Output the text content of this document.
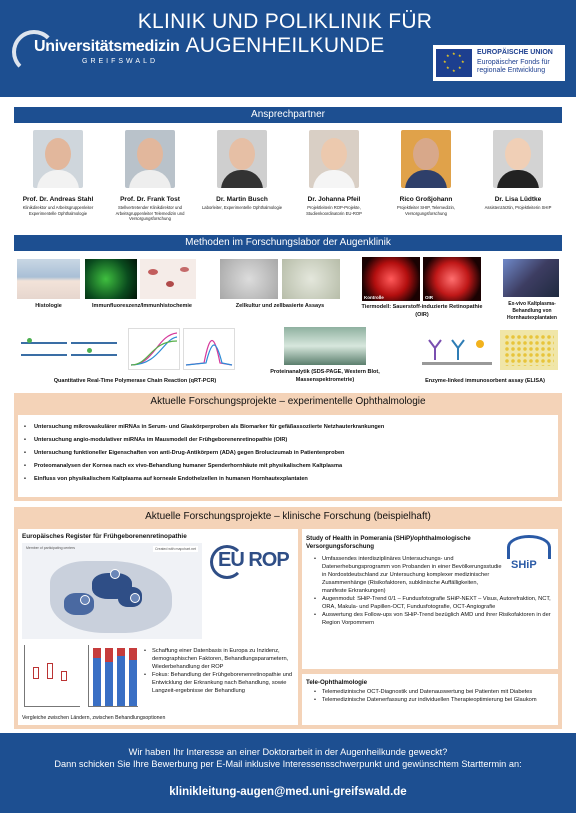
Universitätsmedizin
GREIFSWALD
KLINIK UND POLIKLINIK FÜR
AUGENHEILKUNDE	★ ★
★
★
★
★
★
★	EUROPÄISCHE UNION
Europäischer Fonds für
regionale Entwicklung
Ansprechpartner
Prof. Dr. Andreas Stahl
Klinikdirektor und Arbeitsgruppenleiter Experimentelle Ophthalmologie
Prof. Dr. Frank Tost
Stellvertretender Klinikdirektor und Arbeitsgruppenleiter Telemedizin und Versorgungsforschung
Dr. Martin Busch
Laborleiter, Experimentelle Ophthalmologie
Dr. Johanna Pfeil
Projektleiterin ROP-Projekte, Studienkoordinatorin EU-ROP
Rico Großjohann
Projektleiter SHIP, Telemedizin, Versorgungsforschung
Dr. Lisa Lüdtke
Assistenzärztin, Projektleiterin SHIP
Methoden im Forschungslabor der Augenklinik
Histologie	Immunfluoreszenz/Immunhistochemie	Zellkultur und zellbasierte Assays
Kontrolle	OIR
Tiermodell: Sauerstoff-induzierte Retinopathie (OIR)
Ex-vivo Kaltplasma-Behandlung von Hornhautexplantaten
Quantitative Real-Time Polymerase Chain Reaction (qRT-PCR)
Proteinanalytik (SDS-PAGE, Western Blot, Massenspektrometrie)	Enzyme-linked immunosorbent assay (ELISA)
Aktuelle Forschungsprojekte – experimentelle Ophthalmologie
• Untersuchung mikrovaskulärer miRNAs in Serum- und Glaskörperproben als Biomarker für gefäßassoziierte Netzhauterkrankungen
• Untersuchung angio-modulativer miRNAs im Mausmodell der Frühgeborenenretinopathie (OIR)
• Untersuchung funktioneller Eigenschaften von anti-Drug-Antikörpern (ADA) gegen Brolucizumab in Patientenproben
• Proteomanalysen der Kornea nach ex vivo-Behandlung humaner Spenderhornhäute mit physikalischem Kaltplasma
• Einfluss von physikalischem Kaltplasma auf korneale Endothelzellen in humanen Hornhautexplantaten
Aktuelle Forschungsprojekte – klinische Forschung (beispielhaft)
Europäisches Register für Frühgeborenenretinopathie
Member of participating centers	Created with mapchart.net EU ROP
• Schaffung einer Datenbasis in Europa zu Inzidenz, demographischen Faktoren, Behandlungsparametern, Wiederbehandlung der ROP
• Fokus: Behandlung der Frühgeborenenretinopathie und Entwicklung der Erkrankung nach Behandlung, sowie Langzeit-ergebnisse der Behandlung
Vergleiche zwischen Ländern, zwischen Behandlungsoptionen
Study of Health in Pomerania (SHiP)/ophthalmologische Versorgungsforschung
SHiP
• Umfassendes interdisziplinäres Untersuchungs- und Datenerhebungsprogramm von Probanden in einer Bevölkerungsstudie in Nordostdeutschland zur Untersuchung komplexer medizinischer Zusammenhänge (Risikofaktoren, subklinische Auffälligkeiten, manifeste Erkrankungen)
• Augenmodul: SHiP-Trend 0/1 – Fundusfotografie SHiP-NEXT – Visus, Autorefraktion, NCT, ORA, Makula- und Papillen-OCT, Fundusfotografie, OCT-Angiografie
• Auswertung des Follow-ups von SHiP-Trend bezüglich AMD und ihrer Risikofaktoren in der Region Vorpommern
Tele-Ophthalmologie
• Telemedizinische OCT-Diagnostik und Datenauswertung bei Patienten mit Diabetes
• Telemedizinische Datenerfassung zur individuellen Therapieoptimierung bei Glaukom
Wir haben Ihr Interesse an einer Doktorarbeit in der Augenheilkunde geweckt?
Dann schicken Sie Ihre Bewerbung per E-Mail inklusive Interessensschwerpunkt und gewünschtem Starttermin an:
klinikleitung-augen@med.uni-greifswald.de
